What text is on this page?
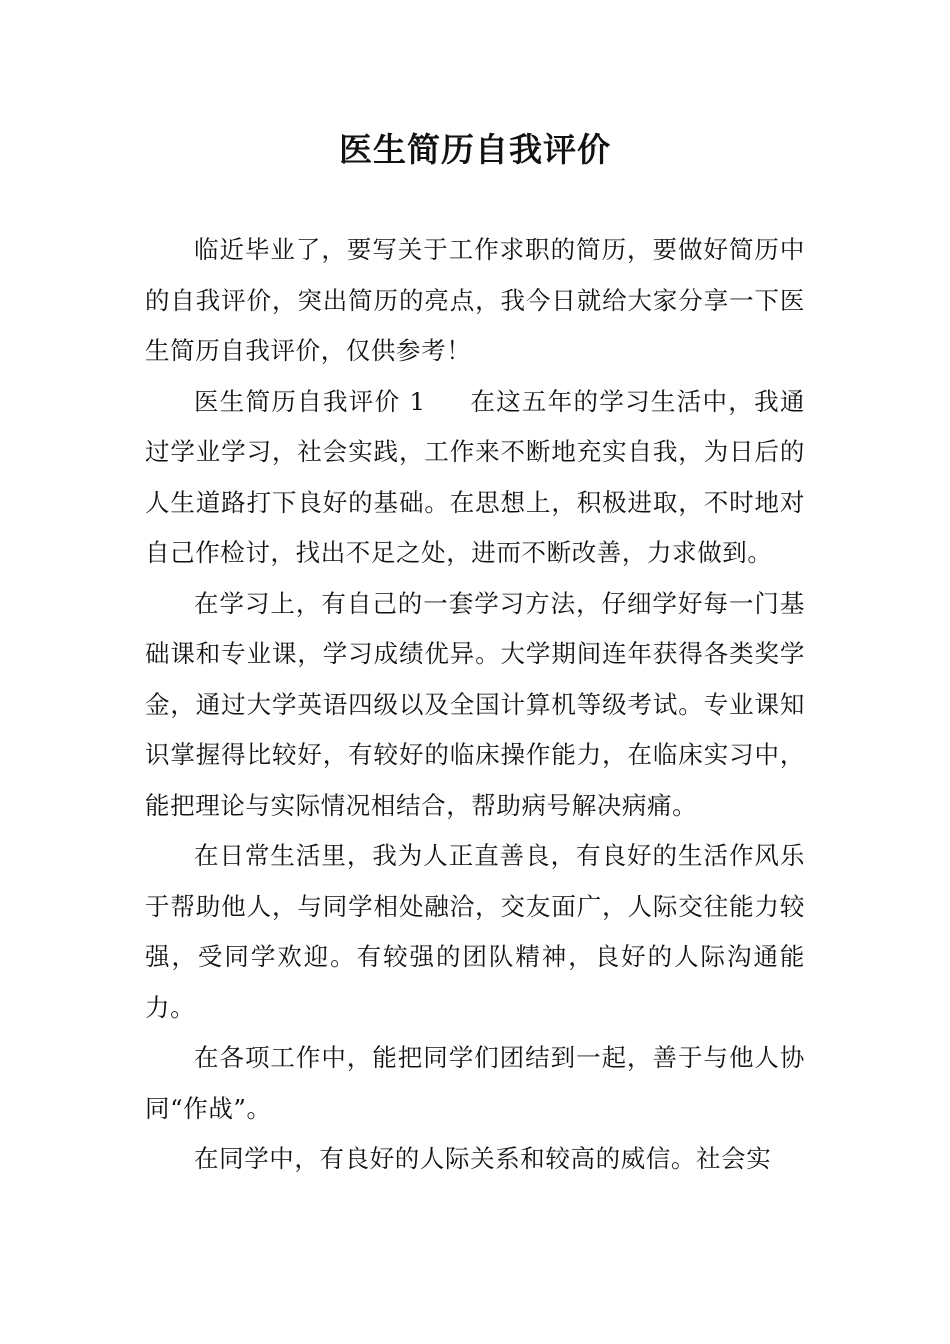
医生简历自我评价

临近毕业了，要写关于工作求职的简历，要做好简历中的自我评价，突出简历的亮点，我今日就给大家分享一下医生简历自我评价，仅供参考！

医生简历自我评价 1 在这五年的学习生活中，我通过学业学习，社会实践，工作来不断地充实自我，为日后的人生道路打下良好的基础。在思想上，积极进取，不时地对自己作检讨，找出不足之处，进而不断改善，力求做到。

在学习上，有自己的一套学习方法，仔细学好每一门基础课和专业课，学习成绩优异。大学期间连年获得各类奖学金，通过大学英语四级以及全国计算机等级考试。专业课知识掌握得比较好，有较好的临床操作能力，在临床实习中，能把理论与实际情况相结合，帮助病号解决病痛。

在日常生活里，我为人正直善良，有良好的生活作风乐于帮助他人，与同学相处融洽，交友面广，人际交往能力较强，受同学欢迎。有较强的团队精神，良好的人际沟通能力。

在各项工作中，能把同学们团结到一起，善于与他人协同“作战”。

在同学中，有良好的人际关系和较高的威信。社会实
